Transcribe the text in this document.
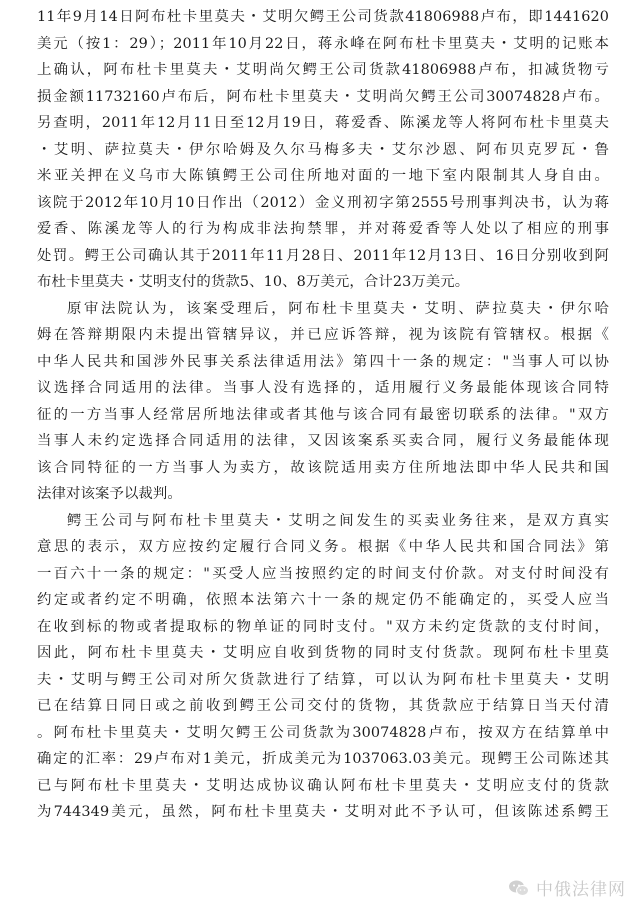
11年9月14日阿布杜卡里莫夫・艾明欠鳄王公司货款41806988卢布，即1441620
美元（按1：29）；2011年10月22日，蒋永峰在阿布杜卡里莫夫・艾明的记账本
上确认，阿布杜卡里莫夫・艾明尚欠鳄王公司货款41806988卢布，扣减货物亏
损金额11732160卢布后，阿布杜卡里莫夫・艾明尚欠鳄王公司30074828卢布。
另查明，2011年12月11日至12月19日，蒋爱香、陈溪龙等人将阿布杜卡里莫夫
・艾明、萨拉莫夫・伊尔哈姆及久尔马梅多夫・艾尔沙恩、阿布贝克罗瓦・鲁
米亚关押在义乌市大陈镇鳄王公司住所地对面的一地下室内限制其人身自由。
该院于2012年10月10日作出（2012）金义刑初字第2555号刑事判决书，认为蒋
爱香、陈溪龙等人的行为构成非法拘禁罪，并对蒋爱香等人处以了相应的刑事
处罚。鳄王公司确认其于2011年11月28日、2011年12月13日、16日分别收到阿
布杜卡里莫夫・艾明支付的货款5、10、8万美元，合计23万美元。
原审法院认为，该案受理后，阿布杜卡里莫夫・艾明、萨拉莫夫・伊尔哈
姆在答辩期限内未提出管辖异议，并已应诉答辩，视为该院有管辖权。根据《
中华人民共和国涉外民事关系法律适用法》第四十一条的规定："当事人可以协
议选择合同适用的法律。当事人没有选择的，适用履行义务最能体现该合同特
征的一方当事人经常居所地法律或者其他与该合同有最密切联系的法律。"双方
当事人未约定选择合同适用的法律，又因该案系买卖合同，履行义务最能体现
该合同特征的一方当事人为卖方，故该院适用卖方住所地法即中华人民共和国
法律对该案予以裁判。
鳄王公司与阿布杜卡里莫夫・艾明之间发生的买卖业务往来，是双方真实
意思的表示，双方应按约定履行合同义务。根据《中华人民共和国合同法》第
一百六十一条的规定："买受人应当按照约定的时间支付价款。对支付时间没有
约定或者约定不明确，依照本法第六十一条的规定仍不能确定的，买受人应当
在收到标的物或者提取标的物单证的同时支付。"双方未约定货款的支付时间，
因此，阿布杜卡里莫夫・艾明应自收到货物的同时支付货款。现阿布杜卡里莫
夫・艾明与鳄王公司对所欠货款进行了结算，可以认为阿布杜卡里莫夫・艾明
已在结算日同日或之前收到鳄王公司交付的货物，其货款应于结算日当天付清
。阿布杜卡里莫夫・艾明欠鳄王公司货款为30074828卢布，按双方在结算单中
确定的汇率：29卢布对1美元，折成美元为1037063.03美元。现鳄王公司陈述其
已与阿布杜卡里莫夫・艾明达成协议确认阿布杜卡里莫夫・艾明应支付的货款
为744349美元，虽然，阿布杜卡里莫夫・艾明对此不予认可，但该陈述系鳄王
中俄法律网
